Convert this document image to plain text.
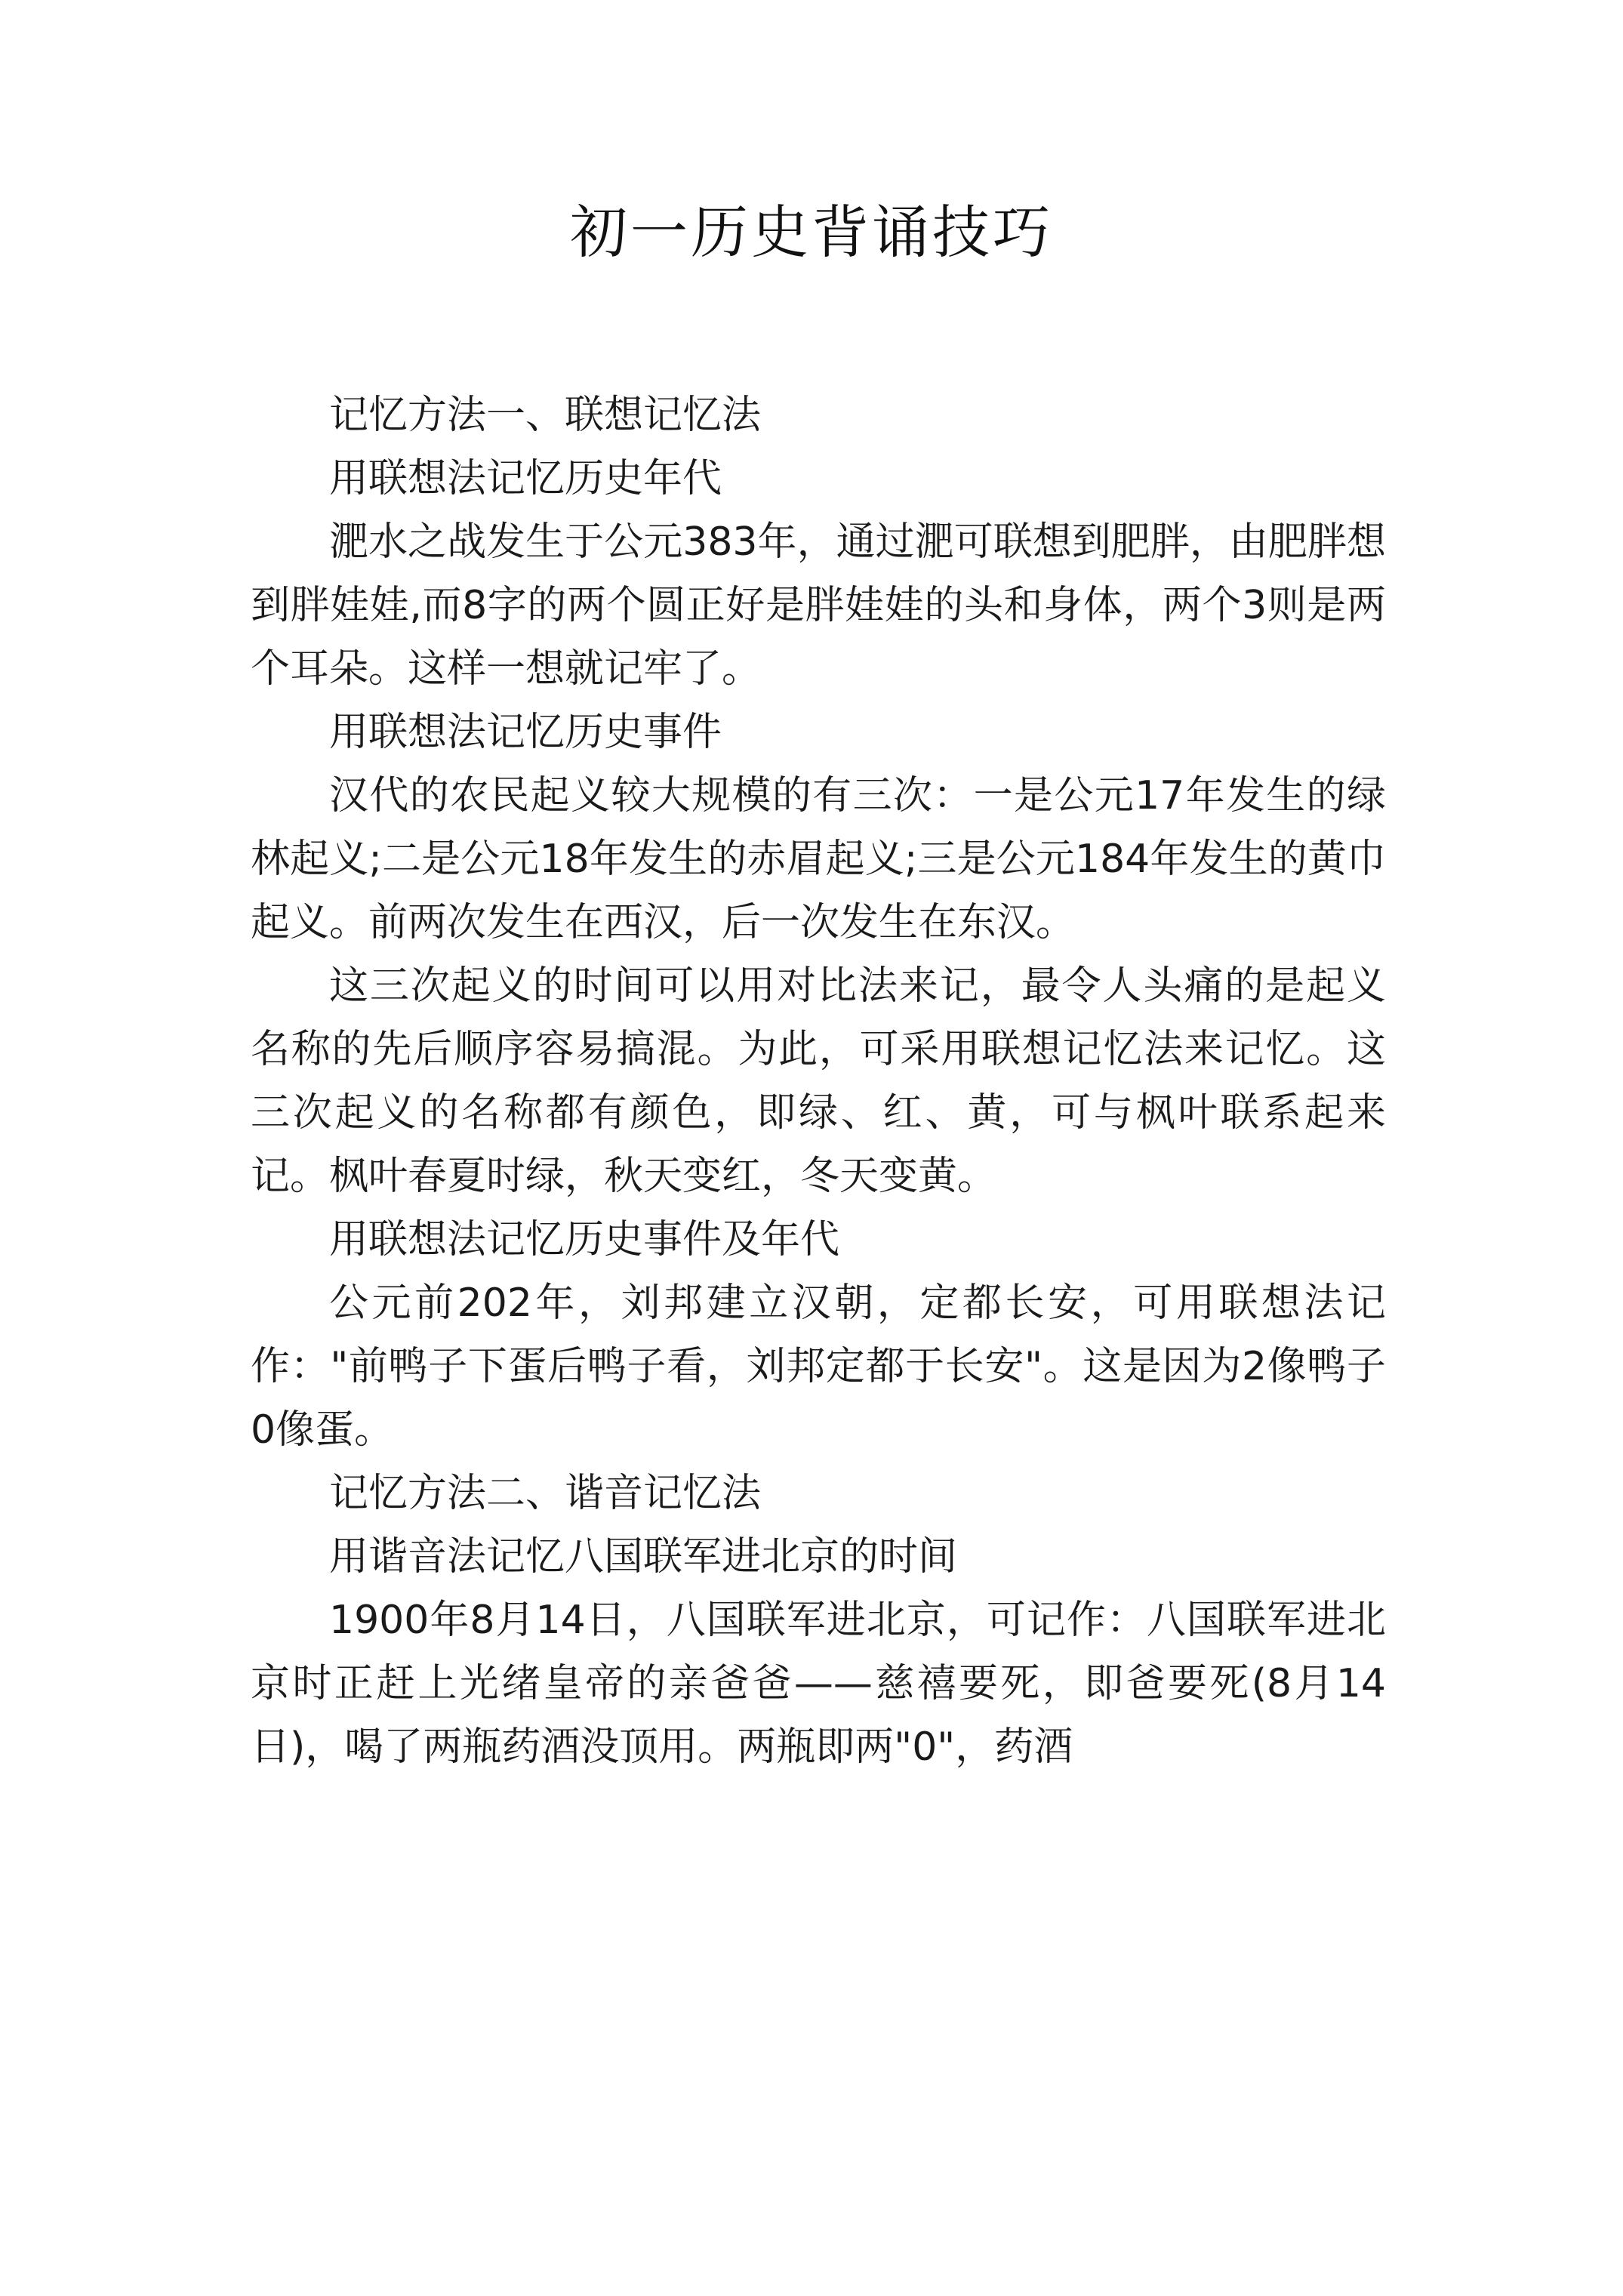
初一历史背诵技巧

记忆方法一、联想记忆法

用联想法记忆历史年代

淝水之战发生于公元383年，通过淝可联想到肥胖，由肥胖想到胖娃娃,而8字的两个圆正好是胖娃娃的头和身体，两个3则是两个耳朵。这样一想就记牢了。

用联想法记忆历史事件

汉代的农民起义较大规模的有三次：一是公元17年发生的绿林起义;二是公元18年发生的赤眉起义;三是公元184年发生的黄巾起义。前两次发生在西汉，后一次发生在东汉。

这三次起义的时间可以用对比法来记，最令人头痛的是起义名称的先后顺序容易搞混。为此，可采用联想记忆法来记忆。这三次起义的名称都有颜色，即绿、红、黄，可与枫叶联系起来记。枫叶春夏时绿，秋天变红，冬天变黄。

用联想法记忆历史事件及年代

公元前202年，刘邦建立汉朝，定都长安，可用联想法记作："前鸭子下蛋后鸭子看，刘邦定都于长安"。这是因为2像鸭子0像蛋。

记忆方法二、谐音记忆法

用谐音法记忆八国联军进北京的时间

1900年8月14日，八国联军进北京，可记作：八国联军进北京时正赶上光绪皇帝的亲爸爸——慈禧要死，即爸要死(8月14日)，喝了两瓶药酒没顶用。两瓶即两"0"，药酒
